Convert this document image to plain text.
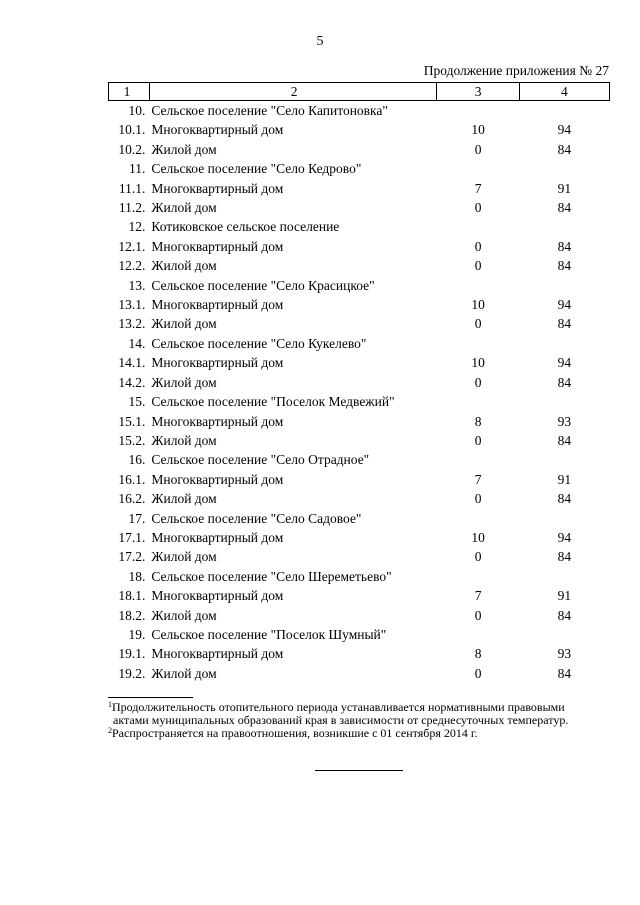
5
Продолжение приложения № 27
1	2	3	4
10.	Сельское поселение "Село Капитоновка"		
10.1.	Многоквартирный дом	10	94
10.2.	Жилой дом	0	84
11.	Сельское поселение "Село Кедрово"		
11.1.	Многоквартирный дом	7	91
11.2.	Жилой дом	0	84
12.	Котиковское сельское поселение		
12.1.	Многоквартирный дом	0	84
12.2.	Жилой дом	0	84
13.	Сельское поселение "Село Красицкое"		
13.1.	Многоквартирный дом	10	94
13.2.	Жилой дом	0	84
14.	Сельское поселение "Село Кукелево"		
14.1.	Многоквартирный дом	10	94
14.2.	Жилой дом	0	84
15.	Сельское поселение "Поселок Медвежий"		
15.1.	Многоквартирный дом	8	93
15.2.	Жилой дом	0	84
16.	Сельское поселение "Село Отрадное"		
16.1.	Многоквартирный дом	7	91
16.2.	Жилой дом	0	84
17.	Сельское поселение "Село Садовое"		
17.1.	Многоквартирный дом	10	94
17.2.	Жилой дом	0	84
18.	Сельское поселение "Село Шереметьево"		
18.1.	Многоквартирный дом	7	91
18.2.	Жилой дом	0	84
19.	Сельское поселение "Поселок Шумный"		
19.1.	Многоквартирный дом	8	93
19.2.	Жилой дом	0	84

$^1$Продолжительность отопительного периода устанавливается нормативными правовыми

актами муниципальных образований края в зависимости от среднесуточных температур.

$^2$Распространяется на правоотношения, возникшие с 01 сентября 2014 г.
